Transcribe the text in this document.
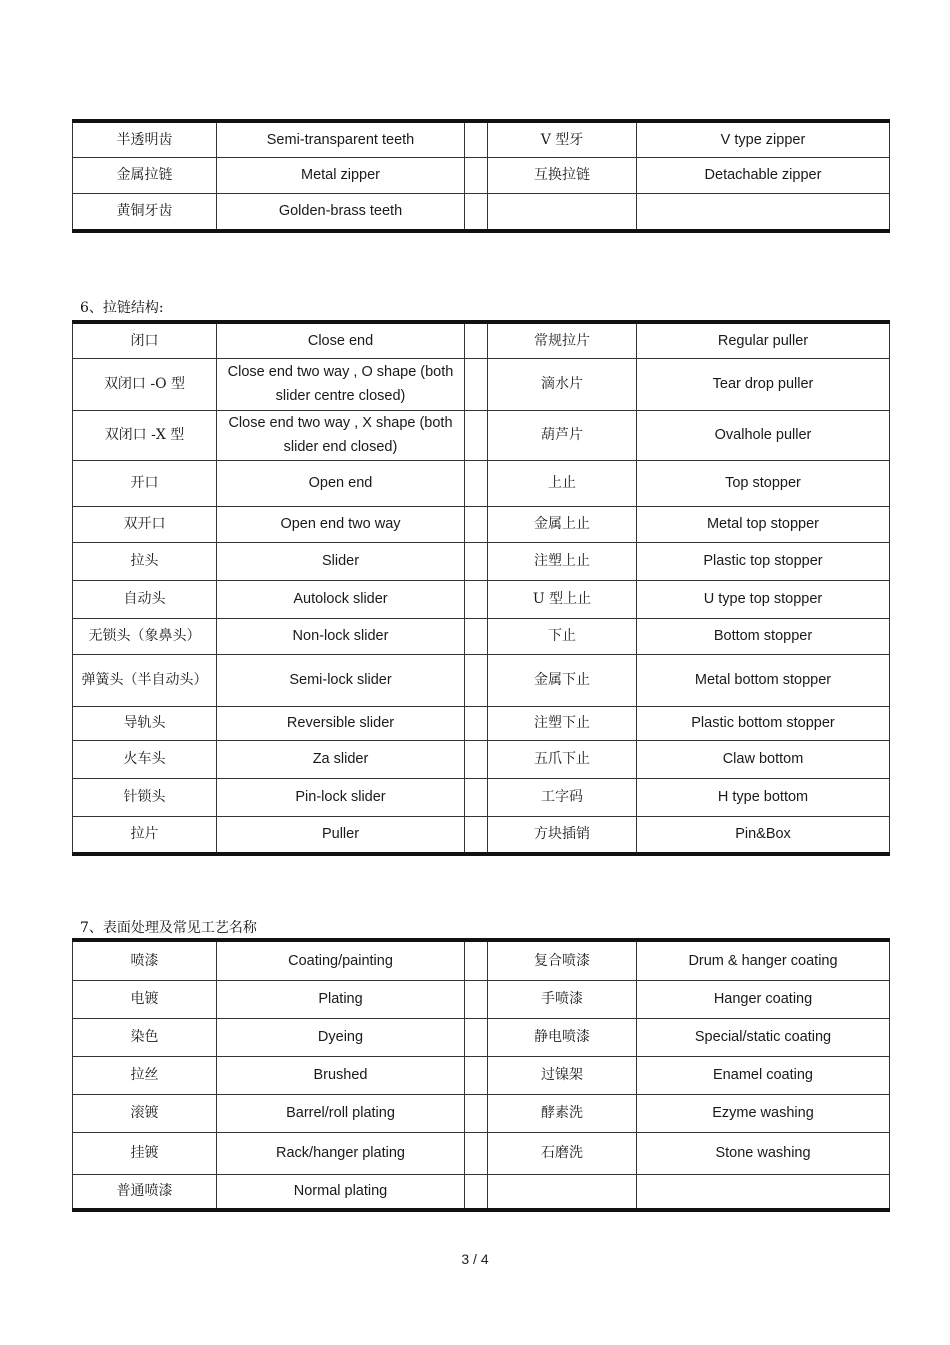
半透明齿	Semi-transparent teeth		V 型牙	V type zipper
金属拉链	Metal zipper		互换拉链	Detachable zipper
黄铜牙齿	Golden-brass teeth			
6、拉链结构:
闭口	Close end		常规拉片	Regular puller
双闭口 -O 型	Close end two way , O shape (both slider centre closed)		滴水片	Tear drop puller
双闭口 -X 型	Close end two way , X shape (both slider end closed)		葫芦片	Ovalhole puller
开口	Open end		上止	Top stopper
双开口	Open end two way		金属上止	Metal top stopper
拉头	Slider		注塑上止	Plastic top stopper
自动头	Autolock slider		U 型上止	U type top stopper
无锁头（象鼻头）	Non-lock slider		下止	Bottom stopper
弹簧头（半自动头）	Semi-lock slider		金属下止	Metal bottom stopper
导轨头	Reversible slider		注塑下止	Plastic bottom stopper
火车头	Za slider		五爪下止	Claw bottom
针锁头	Pin-lock slider		工字码	H type bottom
拉片	Puller		方块插销	Pin&Box
7、表面处理及常见工艺名称
喷漆	Coating/painting		复合喷漆	Drum & hanger coating
电镀	Plating		手喷漆	Hanger coating
染色	Dyeing		静电喷漆	Special/static coating
拉丝	Brushed		过镍架	Enamel coating
滚镀	Barrel/roll plating		酵素洗	Ezyme washing
挂镀	Rack/hanger plating		石磨洗	Stone washing
普通喷漆	Normal plating			
3 / 4
